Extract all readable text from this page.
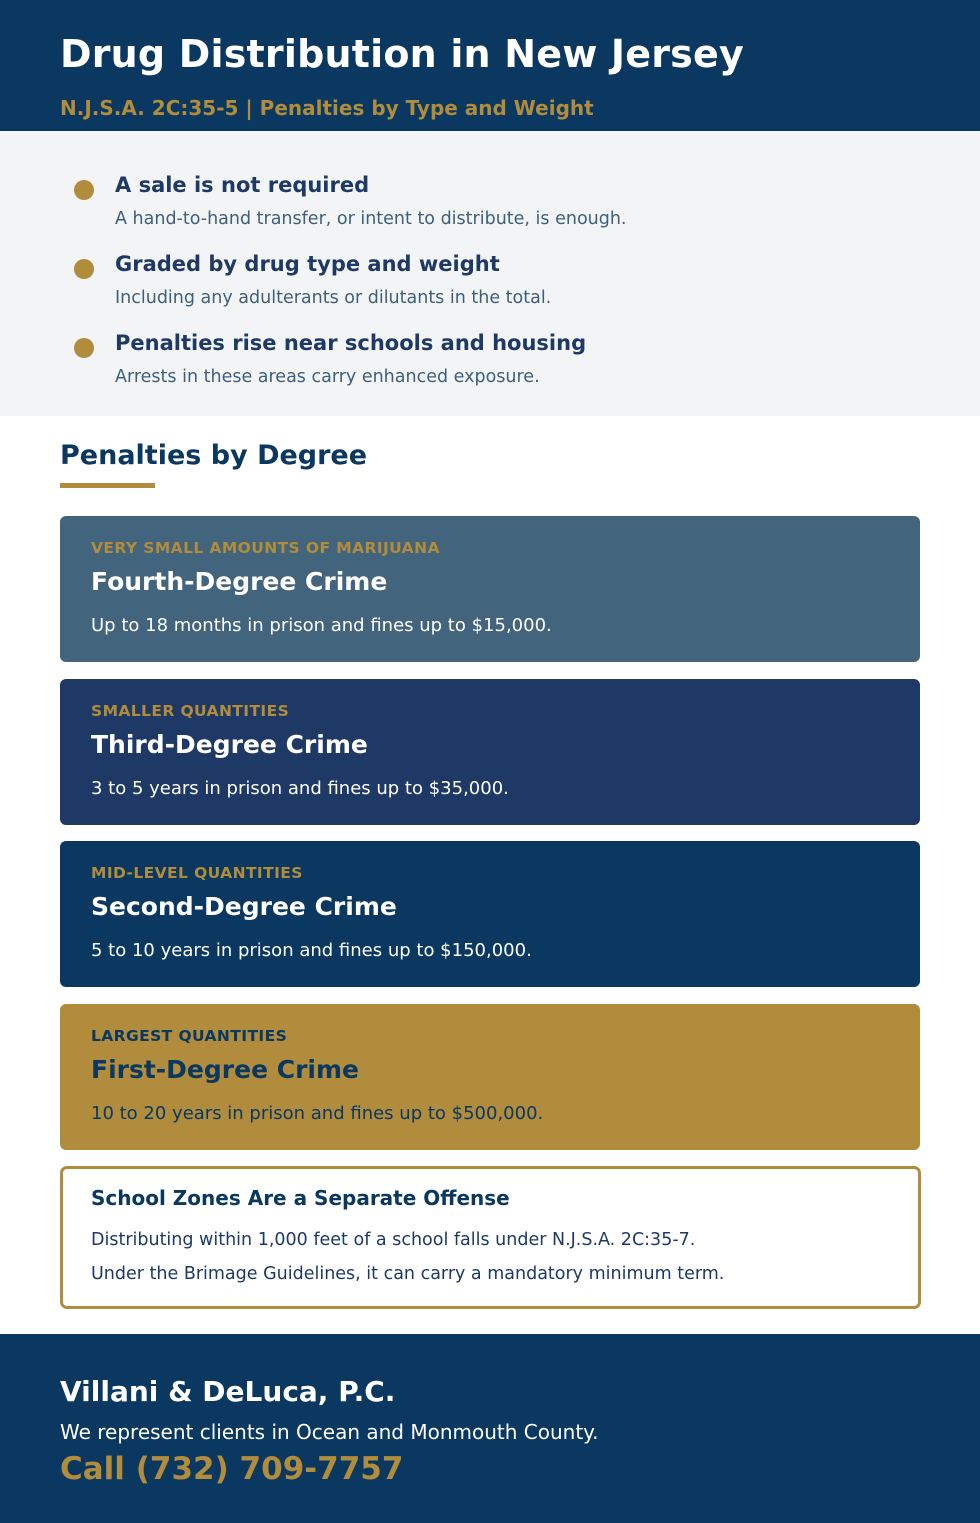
Drug Distribution in New Jersey
N.J.S.A. 2C:35-5 | Penalties by Type and Weight
A sale is not required
A hand-to-hand transfer, or intent to distribute, is enough.
Graded by drug type and weight
Including any adulterants or dilutants in the total.
Penalties rise near schools and housing
Arrests in these areas carry enhanced exposure.
Penalties by Degree
VERY SMALL AMOUNTS OF MARIJUANA
Fourth-Degree Crime
Up to 18 months in prison and fines up to $15,000.
SMALLER QUANTITIES
Third-Degree Crime
3 to 5 years in prison and fines up to $35,000.
MID-LEVEL QUANTITIES
Second-Degree Crime
5 to 10 years in prison and fines up to $150,000.
LARGEST QUANTITIES
First-Degree Crime
10 to 20 years in prison and fines up to $500,000.
School Zones Are a Separate Offense
Distributing within 1,000 feet of a school falls under N.J.S.A. 2C:35-7.
Under the Brimage Guidelines, it can carry a mandatory minimum term.
Villani & DeLuca, P.C.
We represent clients in Ocean and Monmouth County.
Call (732) 709-7757
